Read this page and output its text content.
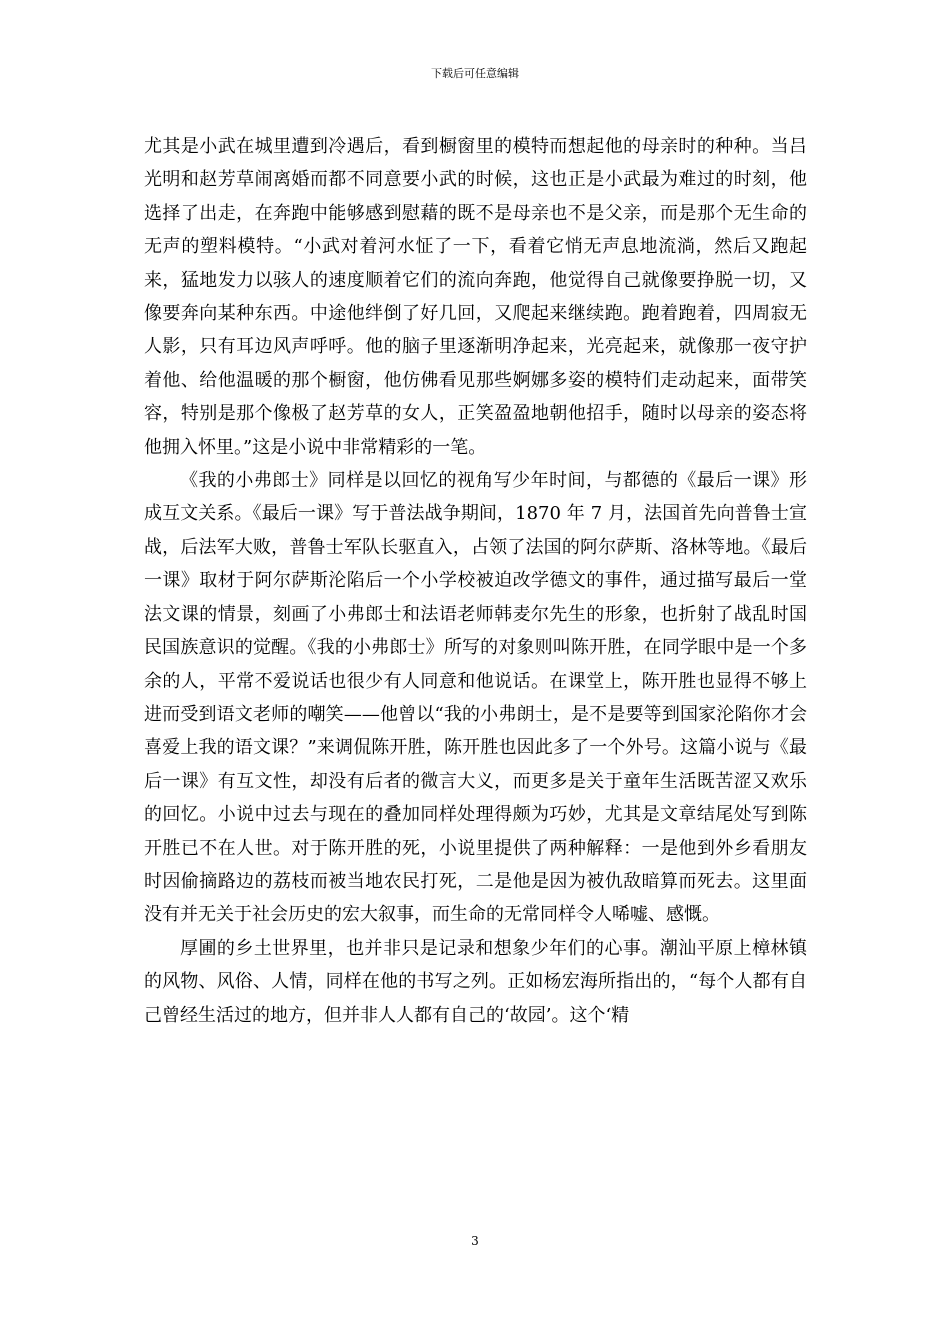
下载后可任意编辑

尤其是小武在城里遭到冷遇后，看到橱窗里的模特而想起他的母亲时的种种。当吕光明和赵芳草闹离婚而都不同意要小武的时候，这也正是小武最为难过的时刻，他选择了出走，在奔跑中能够感到慰藉的既不是母亲也不是父亲，而是那个无生命的无声的塑料模特。“小武对着河水怔了一下，看着它悄无声息地流淌，然后又跑起来，猛地发力以骇人的速度顺着它们的流向奔跑，他觉得自己就像要挣脱一切，又像要奔向某种东西。中途他绊倒了好几回，又爬起来继续跑。跑着跑着，四周寂无人影，只有耳边风声呼呼。他的脑子里逐渐明净起来，光亮起来，就像那一夜守护着他、给他温暖的那个橱窗，他仿佛看见那些婀娜多姿的模特们走动起来，面带笑容，特别是那个像极了赵芳草的女人，正笑盈盈地朝他招手，随时以母亲的姿态将他拥入怀里。”这是小说中非常精彩的一笔。

《我的小弗郎士》同样是以回忆的视角写少年时间，与都德的《最后一课》形成互文关系。《最后一课》写于普法战争期间，1870 年 7 月，法国首先向普鲁士宣战，后法军大败，普鲁士军队长驱直入，占领了法国的阿尔萨斯、洛林等地。《最后一课》取材于阿尔萨斯沦陷后一个小学校被迫改学德文的事件，通过描写最后一堂法文课的情景，刻画了小弗郎士和法语老师韩麦尔先生的形象，也折射了战乱时国民国族意识的觉醒。《我的小弗郎士》所写的对象则叫陈开胜，在同学眼中是一个多余的人，平常不爱说话也很少有人同意和他说话。在课堂上，陈开胜也显得不够上进而受到语文老师的嘲笑——他曾以“我的小弗朗士，是不是要等到国家沦陷你才会喜爱上我的语文课？”来调侃陈开胜，陈开胜也因此多了一个外号。这篇小说与《最后一课》有互文性，却没有后者的微言大义，而更多是关于童年生活既苦涩又欢乐的回忆。小说中过去与现在的叠加同样处理得颇为巧妙，尤其是文章结尾处写到陈开胜已不在人世。对于陈开胜的死，小说里提供了两种解释：一是他到外乡看朋友时因偷摘路边的荔枝而被当地农民打死，二是他是因为被仇敌暗算而死去。这里面没有并无关于社会历史的宏大叙事，而生命的无常同样令人唏嘘、感慨。

厚圃的乡土世界里，也并非只是记录和想象少年们的心事。潮汕平原上樟林镇的风物、风俗、人情，同样在他的书写之列。正如杨宏海所指出的，“每个人都有自己曾经生活过的地方，但并非人人都有自己的‘故园’。这个‘精

3
